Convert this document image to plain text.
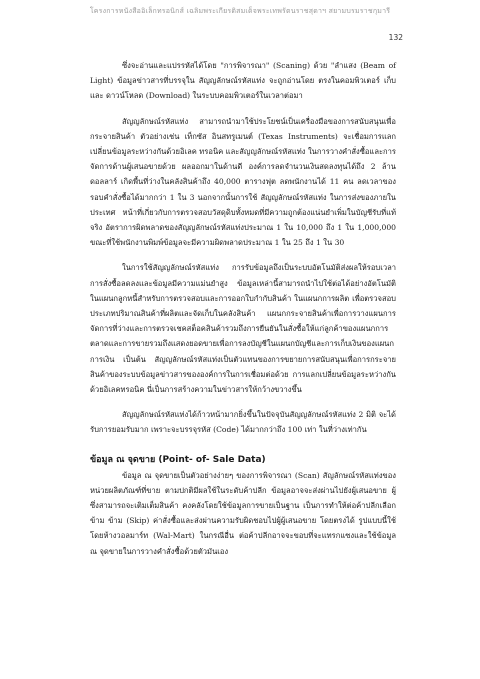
โครงการหนังสืออิเล็กทรอนิกส์ เฉลิมพระเกียรติสมเด็จพระเทพรัตนราชสุดาฯ สยามบรมราชกุมารี
132

ซึ่งจะอ่านและแปรรหัสได้โดย "การพิจารณา" (Scaning) ด้วย "ลำแสง (Beam of Light) ข้อมูลข่าวสารที่บรรจุใน สัญญลักษณ์รหัสแท่ง จะถูกอ่านโดย ตรงในคอมพิวเตอร์ เก็บ และ ดาวน์โหลด (Download) ในระบบคอมพิวเตอร์ในเวลาต่อมา

สัญญลักษณ์รหัสแท่ง สามารถนำมาใช้ประโยชน์เป็นเครื่องมือของการสนับสนุนเพื่อกระจายสินค้า ตัวอย่างเช่น เท็กซัส อินสทรูเมนต์ (Texas Instruments) จะเชื่อมการแลกเปลี่ยนข้อมูลระหว่างกันด้วยอิเลค ทรอนิค และสัญญลักษณ์รหัสแท่ง ในการวางคำสั่งซื้อและการจัดการด้านผู้เสนอขายด้วย ผลออกมาในด้านดี องค์การลดจำนวนเงินสดลงทุนได้ถึง 2 ล้านดอลลาร์ เกิดพื้นที่ว่างในคลังสินค้าถึง 40,000 ตารางฟุต ลดพนักงานได้ 11 คน ลดเวลาของรอบคำสั่งซื้อได้มากกว่า 1 ใน 3 นอกจากนั้นการใช้ สัญญลักษณ์รหัสแท่ง ในการส่งของภายในประเทศ หน้าที่เกี่ยวกับการตรวจสอบวัสดุดิบทั้งหมดที่มีความถูกต้องแน่นยำเพิ่มในบัญชีรับที่แท้จริง อัตราการผิดพลาดของสัญญลักษณ์รหัสแท่งประมาณ 1 ใน 10,000 ถึง 1 ใน 1,000,000 ขณะที่ใช้พนักงานพิมพ์ข้อมูลจะมีความผิดพลาดประมาณ 1 ใน 25 ถึง 1 ใน 30

ในการใช้สัญญลักษณ์รหัสแท่ง การรับข้อมูลถึงเป็นระบบอัตโนมัติส่งผลให้รอบเวลาการสั่งซื้อลดลงและข้อมูลมีความแม่นยำสูง ข้อมูลเหล่านี้สามารถนำไปใช้ต่อได้อย่างอัตโนมัติ ในแผนกลูกหนี้สำหรับการตรวจสอบและการออกใบกำกับสินค้า ในแผนกการผลิต เพื่อตรวจสอบประเภทปริมาณสินค้าที่ผลิตและจัดเก็บในคลังสินค้า แผนกกระจายสินค้าเพื่อการวางแผนการจัดการที่ว่างและการตรวจเชคสต็อคสินค้ารวมถึงการยืนยันในสั่งซื้อให้แก่ลูกค้าของแผนกการตลาดและการขายรวมถึงแสดงยอดขายเพื่อการลงบัญชีในแผนกบัญชีและการเก็บเงินของแผนกการเงิน เป็นต้น สัญญลักษณ์รหัสแท่งเป็นตัวแทนของการขยายการสนับสนุนเพื่อการกระจายสินค้าของระบบข้อมูลข่าวสารขององค์การในการเชื่อมต่อด้วย การแลกเปลี่ยนข้อมูลระหว่างกันด้วยอิเลคทรอนิค นี่เป็นการสร้างความในข่าวสารให้กว้างขวางขึ้น

สัญญลักษณ์รหัสแท่งได้ก้าวหน้ามากยิ่งขึ้นในปัจจุบันสัญญลักษณ์รหัสแท่ง 2 มิติ จะได้รับการยอมรับมาก เพราะจะบรรจุรหัส (Code) ได้มากกว่าถึง 100 เท่า ในที่ว่างเท่ากัน

ข้อมูล ณ จุดขาย (Point- of- Sale Data)

ข้อมูล ณ จุดขายเป็นตัวอย่างง่ายๆ ของการพิจารณา (Scan) สัญลักษณ์รหัสแท่งของหน่วยผลิตภัณฑ์ที่ขาย ตามปกติมีผลใช้ในระดับค้าปลีก ข้อมูลอาจจะส่งผ่านไปยังผู้เสนอขาย ผู้ซึ่งสามารถจะเติมเต็มสินค้า คงคลังโดยใช้ข้อมูลการขายเป็นฐาน เป็นการทำให้ต่อค้าปลีกเลือก ข้าม ข้าม (Skip) ค่าสั่งซื้อและส่งผ่านความรับผิดชอบไปผู้ผู้เสนอขาย โดยตรงได้ รูปแบบนี้ใช้โดยห้างวอลมาร์ท (Wal-Mart) ในกรณีอื่น ต่อค้าปลีกอาจจะขอบที่จะแทรกแซงและใช้ข้อมูล ณ จุดขายในการวางคำสั่งซื้อด้วยตัวมันเอง
